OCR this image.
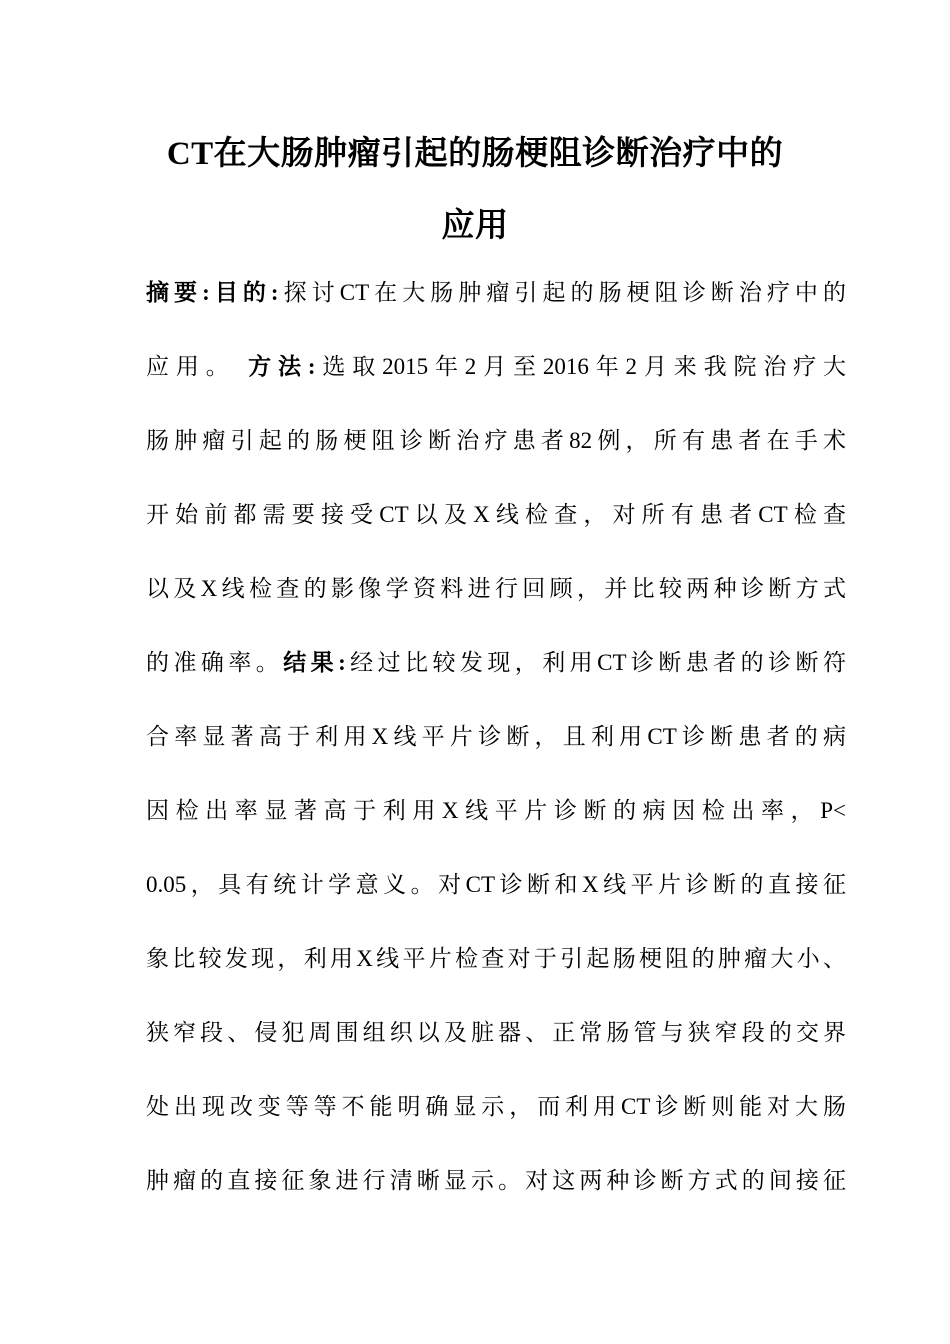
CT在大肠肿瘤引起的肠梗阻诊断治疗中的
应用
摘要:目的:探讨CT在大肠肿瘤引起的肠梗阻诊断治疗中的
应用。 方法:选取2015年2月至2016年2月来我院治疗大
肠肿瘤引起的肠梗阻诊断治疗患者82例，所有患者在手术
开始前都需要接受CT以及X线检查，对所有患者CT检查
以及X线检查的影像学资料进行回顾，并比较两种诊断方式
的准确率。结果:经过比较发现，利用CT诊断患者的诊断符
合率显著高于利用X线平片诊断，且利用CT诊断患者的病
因检出率显著高于利用X线平片诊断的病因检出率，P<
0.05，具有统计学意义。对CT诊断和X线平片诊断的直接征
象比较发现，利用X线平片检查对于引起肠梗阻的肿瘤大小、
狭窄段、侵犯周围组织以及脏器、正常肠管与狭窄段的交界
处出现改变等等不能明确显示，而利用CT诊断则能对大肠
肿瘤的直接征象进行清晰显示。对这两种诊断方式的间接征
